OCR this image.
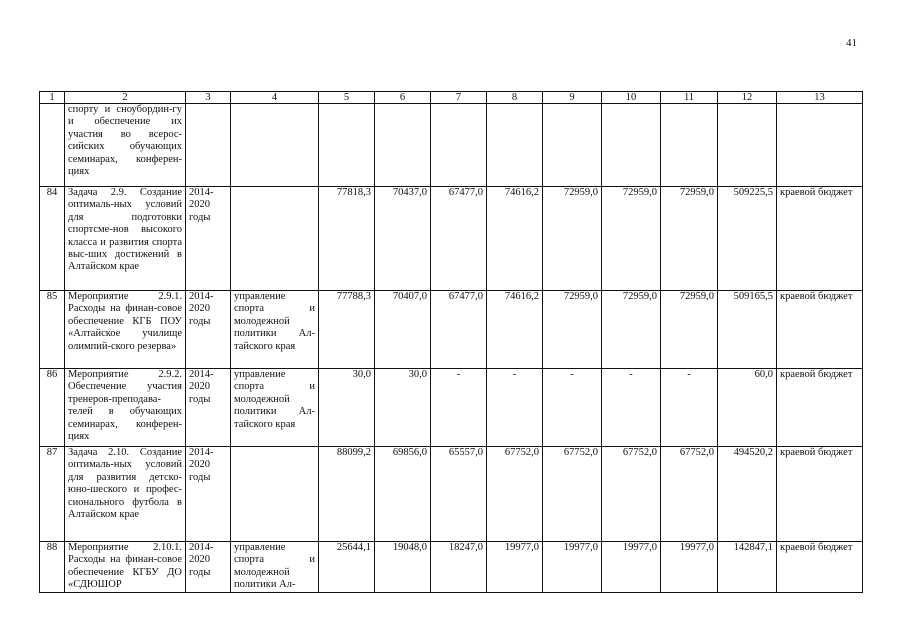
41
1	2	3	4	5	6	7	8	9	10	11	12	13
	спорту и сноубордин-гу и обеспечение их участия во всерос-сийских обучающих семинарах, конферен-циях											
84	Задача 2.9. Создание оптималь-ных условий для подготовки спортсме-нов высокого класса и развития спорта выс-ших достижений в Алтайском крае	2014-2020 годы		77818,3	70437,0	67477,0	74616,2	72959,0	72959,0	72959,0	509225,5	краевой бюджет
85	Мероприятие 2.9.1. Расходы на финан-совое обеспечение КГБ ПОУ «Алтайское училище олимпий-ского резерва»	2014-2020 годы	управление спорта и молодежной политики Ал-тайского края	77788,3	70407,0	67477,0	74616,2	72959,0	72959,0	72959,0	509165,5	краевой бюджет
86	Мероприятие 2.9.2. Обеспечение участия тренеров-преподава-телей в обучающих семинарах, конферен-циях	2014-2020 годы	управление спорта и молодежной политики Ал-тайского края	30,0	30,0	-	-	-	-	-	60,0	краевой бюджет
87	Задача 2.10. Создание оптималь-ных условий для развития детско-юно-шеского и профес-сионального футбола в Алтайском крае	2014-2020 годы		88099,2	69856,0	65557,0	67752,0	67752,0	67752,0	67752,0	494520,2	краевой бюджет
88	Мероприятие 2.10.1. Расходы на финан-совое обеспечение КГБУ ДО «СДЮШОР	2014-2020 годы	управление спорта и молодежной политики Ал-	25644,1	19048,0	18247,0	19977,0	19977,0	19977,0	19977,0	142847,1	краевой бюджет
